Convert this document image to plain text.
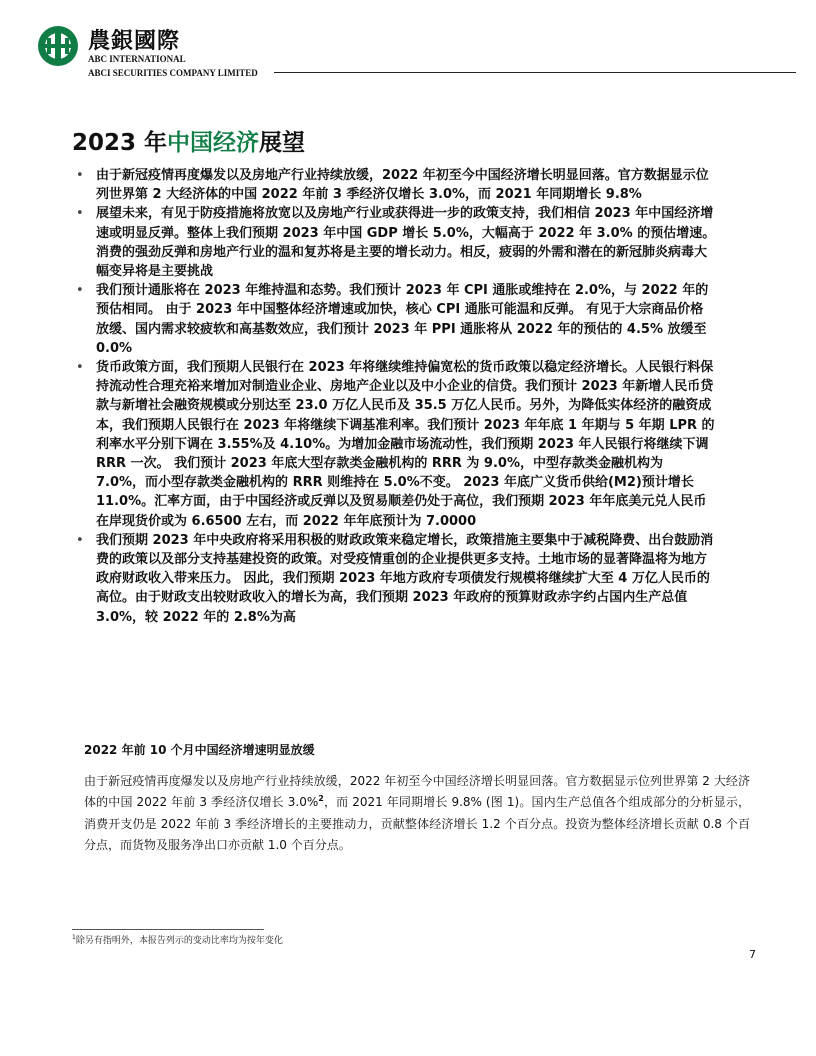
農銀國際
ABC INTERNATIONAL
ABCI SECURITIES COMPANY LIMITED
2023 年中国经济展望
• 由于新冠疫情再度爆发以及房地产行业持续放缓，2022 年初至今中国经济增长明显回落。官方数据显示位列世界第 2 大经济体的中国 2022 年前 3 季经济仅增长 3.0%，而 2021 年同期增长 9.8%
• 展望未来，有见于防疫措施将放宽以及房地产行业或获得进一步的政策支持，我们相信 2023 年中国经济增速或明显反弹。整体上我们预期 2023 年中国 GDP 增长 5.0%，大幅高于 2022 年 3.0% 的预估增速。消费的强劲反弹和房地产行业的温和复苏将是主要的增长动力。相反，疲弱的外需和潜在的新冠肺炎病毒大幅变异将是主要挑战
• 我们预计通胀将在 2023 年维持温和态势。我们预计 2023 年 CPI 通胀或维持在 2.0%，与 2022 年的预估相同。 由于 2023 年中国整体经济增速或加快，核心 CPI 通胀可能温和反弹。 有见于大宗商品价格放缓、国内需求较疲软和高基数效应，我们预计 2023 年 PPI 通胀将从 2022 年的预估的 4.5% 放缓至 0.0%
• 货币政策方面，我们预期人民银行在 2023 年将继续维持偏宽松的货币政策以稳定经济增长。人民银行料保持流动性合理充裕来增加对制造业企业、房地产企业以及中小企业的信贷。我们预计 2023 年新增人民币贷款与新增社会融资规模或分别达至 23.0 万亿人民币及 35.5 万亿人民币。另外，为降低实体经济的融资成本，我们预期人民银行在 2023 年将继续下调基准利率。我们预计 2023 年年底 1 年期与 5 年期 LPR 的利率水平分别下调在 3.55%及 4.10%。为增加金融市场流动性，我们预期 2023 年人民银行将继续下调 RRR 一次。 我们预计 2023 年底大型存款类金融机构的 RRR 为 9.0%，中型存款类金融机构为 7.0%，而小型存款类金融机构的 RRR 则维持在 5.0%不变。 2023 年底广义货币供给(M2)预计增长 11.0%。汇率方面，由于中国经济或反弹以及贸易顺差仍处于高位，我们预期 2023 年年底美元兑人民币在岸现货价或为 6.6500 左右，而 2022 年年底预计为 7.0000
• 我们预期 2023 年中央政府将采用积极的财政政策来稳定增长，政策措施主要集中于减税降费、出台鼓励消费的政策以及部分支持基建投资的政策。对受疫情重创的企业提供更多支持。土地市场的显著降温将为地方政府财政收入带来压力。 因此，我们预期 2023 年地方政府专项债发行规模将继续扩大至 4 万亿人民币的高位。由于财政支出较财政收入的增长为高，我们预期 2023 年政府的预算财政赤字约占国内生产总值 3.0%，较 2022 年的 2.8%为高
2022 年前 10 个月中国经济增速明显放缓

由于新冠疫情再度爆发以及房地产行业持续放缓，2022 年初至今中国经济增长明显回落。官方数据显示位列世界第 2 大经济体的中国 2022 年前 3 季经济仅增长 3.0%$^2$，而 2021 年同期增长 9.8% (图 1)。国内生产总值各个组成部分的分析显示，消费开支仍是 2022 年前 3 季经济增长的主要推动力，贡献整体经济增长 1.2 个百分点。投资为整体经济增长贡献 0.8 个百分点，而货物及服务净出口亦贡献 1.0 个百分点。

$^1$除另有指明外，本报告列示的变动比率均为按年变化
7
